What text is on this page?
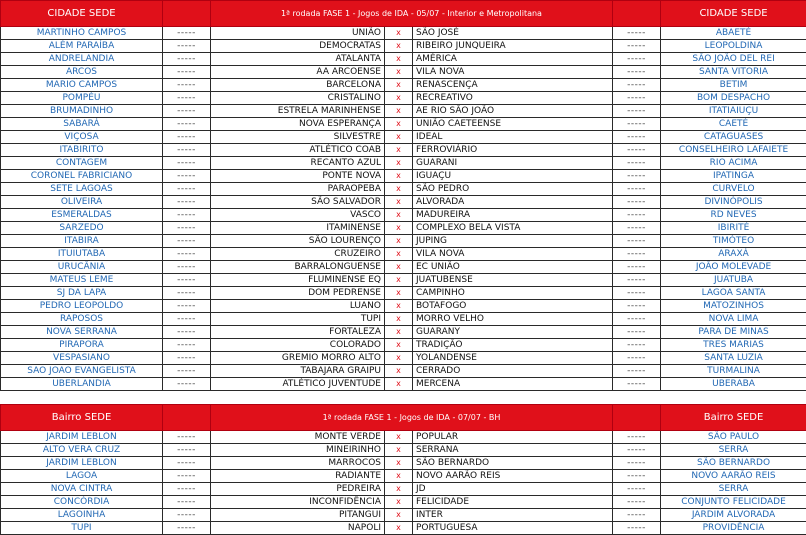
CIDADE SEDE		1ª rodada FASE 1 - Jogos de IDA - 05/07 - Interior e Metropolitana				CIDADE SEDE
MARTINHO CAMPOS	-----	UNIÃO	x	SÃO JOSÉ	-----	ABAETÉ
ALÉM PARAÍBA	-----	DEMOCRATAS	x	RIBEIRO JUNQUEIRA	-----	LEOPOLDINA
ANDRELANDIA	-----	ATALANTA	x	AMÉRICA	-----	SÃO JOÃO DEL REI
ARCOS	-----	AA ARCOENSE	x	VILA NOVA	-----	SANTA VITORIA
MARIO CAMPOS	-----	BARCELONA	x	RENASCENÇA	-----	BETIM
POMPÉU	-----	CRISTALINO	x	RECREATIVO	-----	BOM DESPACHO
BRUMADINHO	-----	ESTRELA MARINHENSE	x	AE RIO SÃO JOÃO	-----	ITATIAIUÇU
SABARÁ	-----	NOVA ESPERANÇA	x	UNIÃO CAETEENSE	-----	CAETÉ
VIÇOSA	-----	SILVESTRE	x	IDEAL	-----	CATAGUASES
ITABIRITO	-----	ATLÉTICO COAB	x	FERROVIÁRIO	-----	CONSELHEIRO LAFAIETE
CONTAGEM	-----	RECANTO AZUL	x	GUARANI	-----	RIO ACIMA
CORONEL FABRICIANO	-----	PONTE NOVA	x	IGUAÇU	-----	IPATINGA
SETE LAGOAS	-----	PARAOPEBA	x	SÃO PEDRO	-----	CURVELO
OLIVEIRA	-----	SÃO SALVADOR	x	ALVORADA	-----	DIVINÓPOLIS
ESMERALDAS	-----	VASCO	x	MADUREIRA	-----	RD NEVES
SARZEDO	-----	ITAMINENSE	x	COMPLEXO BELA VISTA	-----	IBIRITÉ
ITABIRA	-----	SÃO LOURENÇO	x	JUPING	-----	TIMÓTEO
ITUIUTABA	-----	CRUZEIRO	x	VILA NOVA	-----	ARAXÁ
URUCÂNIA	-----	BARRALONGUENSE	x	EC UNIÃO	-----	JOÃO MOLEVADE
MATEUS LEME	-----	FLUMINENSE EQ	x	JUATUBENSE	-----	JUATUBA
SJ DA LAPA	-----	DOM PEDRENSE	x	CAMPINHO	-----	LAGOA SANTA
PEDRO LEOPOLDO	-----	LUANO	x	BOTAFOGO	-----	MATOZINHOS
RAPOSOS	-----	TUPI	x	MORRO VELHO	-----	NOVA LIMA
NOVA SERRANA	-----	FORTALEZA	x	GUARANY	-----	PARA DE MINAS
PIRAPORA	-----	COLORADO	x	TRADIÇÃO	-----	TRES MARIAS
VESPASIANO	-----	GREMIO MORRO ALTO	x	YOLANDENSE	-----	SANTA LUZIA
SAO JOAO EVANGELISTA	-----	TABAJARA GRAIPU	x	CERRADO	-----	TURMALINA
UBERLANDIA	-----	ATLÉTICO JUVENTUDE	x	MERCENA	-----	UBERABA
Bairro SEDE		1ª rodada FASE 1 - Jogos de IDA - 07/07 - BH				Bairro SEDE
JARDIM LEBLON	-----	MONTE VERDE	x	POPULAR	-----	SÃO PAULO
ALTO VERA CRUZ	-----	MINEIRINHO	x	SERRANA	-----	SERRA
JARDIM LEBLON	-----	MARROCOS	x	SÃO BERNARDO	-----	SÃO BERNARDO
LAGOA	-----	RADIANTE	x	NOVO AARÃO REIS	-----	NOVO AARÃO REIS
NOVA CINTRA	-----	PEDREIRA	x	JD	-----	SERRA
CONCÓRDIA	-----	INCONFIDÊNCIA	x	FELICIDADE	-----	CONJUNTO FELICIDADE
LAGOINHA	-----	PITANGUI	x	INTER	-----	JARDIM ALVORADA
TUPI	-----	NAPOLI	x	PORTUGUESA	-----	PROVIDÊNCIA
